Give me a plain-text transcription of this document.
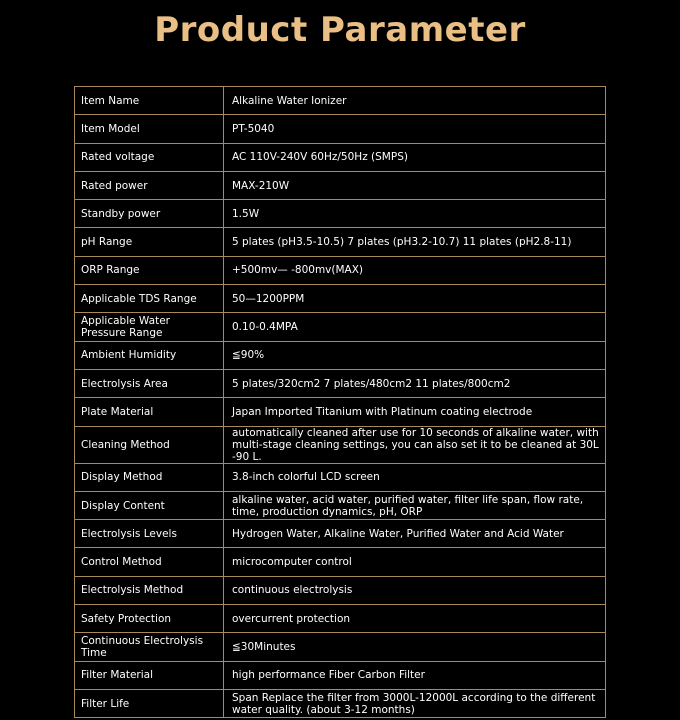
Product Parameter
Item Name	Alkaline Water Ionizer
Item Model	PT-5040
Rated voltage	AC 110V-240V 60Hz/50Hz (SMPS)
Rated power	MAX-210W
Standby power	1.5W
pH Range	5 plates (pH3.5-10.5) 7 plates (pH3.2-10.7) 11 plates (pH2.8-11)
ORP Range	+500mv— -800mv(MAX)
Applicable TDS Range	50—1200PPM
Applicable Water Pressure Range	0.10-0.4MPA
Ambient Humidity	≦90%
Electrolysis Area	5 plates/320cm2 7 plates/480cm2 11 plates/800cm2
Plate Material	Japan Imported Titanium with Platinum coating electrode
Cleaning Method	automatically cleaned after use for 10 seconds of alkaline water, with multi-stage cleaning settings, you can also set it to be cleaned at 30L -90 L.
Display Method	3.8-inch colorful LCD screen
Display Content	alkaline water, acid water, purified water, filter life span, flow rate, time, production dynamics, pH, ORP
Electrolysis Levels	Hydrogen Water, Alkaline Water, Purified Water and Acid Water
Control Method	microcomputer control
Electrolysis Method	continuous electrolysis
Safety Protection	overcurrent protection
Continuous Electrolysis Time	≦30Minutes
Filter Material	high performance Fiber Carbon Filter
Filter Life	Span Replace the filter from 3000L-12000L according to the different water quality. (about 3-12 months)
